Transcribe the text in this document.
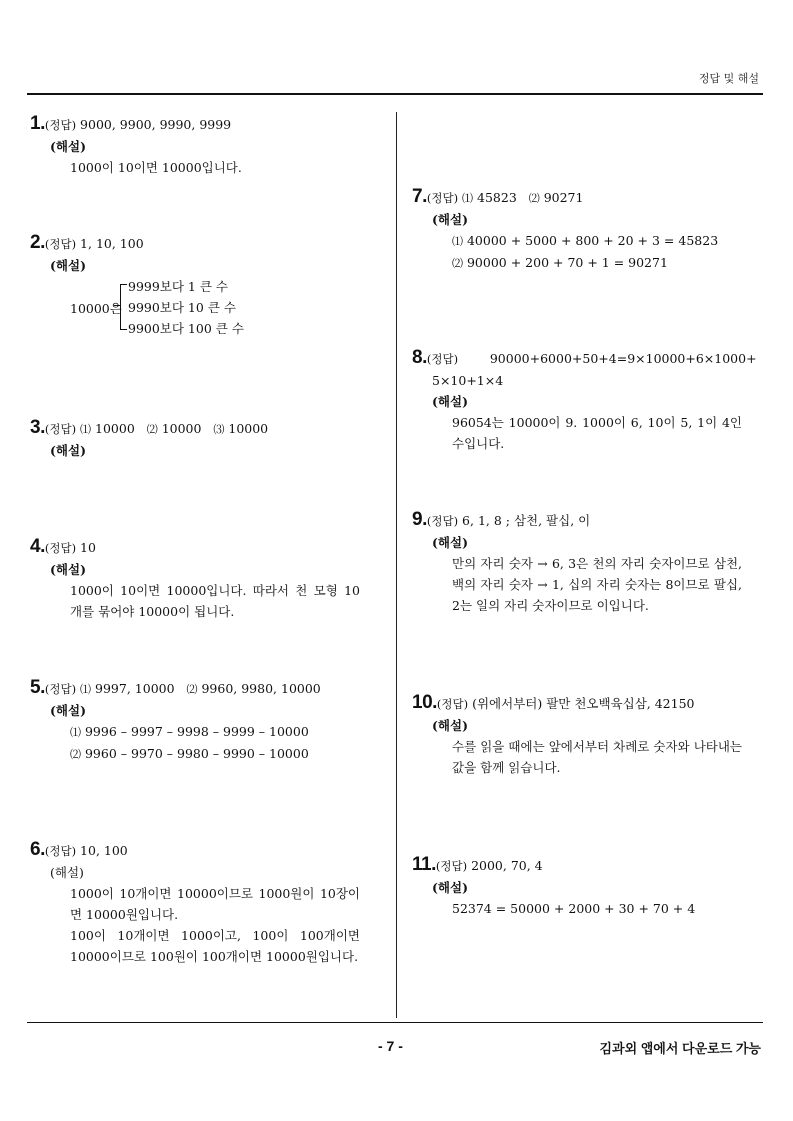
정답 및 해설
1.(정답) 9000, 9900, 9990, 9999
(해설)
1000이 10이면 10000입니다.
2.(정답) 1, 10, 100
(해설)
10000은
9999보다 1 큰 수
9990보다 10 큰 수
9900보다 100 큰 수
3.(정답) ⑴ 10000 ⑵ 10000 ⑶ 10000
(해설)
4.(정답) 10
(해설)
1000이 10이면 10000입니다. 따라서 천 모형 10 개를 묶어야 10000이 됩니다.
5.(정답) ⑴ 9997, 10000 ⑵ 9960, 9980, 10000
(해설)
⑴ 9996 – 9997 – 9998 – 9999 – 10000
⑵ 9960 – 9970 – 9980 – 9990 – 10000
6.(정답) 10, 100
(해설)
1000이 10개이면 10000이므로 1000원이 10장이면 10000원입니다.
100이 10개이면 1000이고, 100이 100개이면 10000이므로 100원이 100개이면 10000원입니다.
7.(정답) ⑴ 45823 ⑵ 90271
(해설)
⑴ 40000 + 5000 + 800 + 20 + 3 = 45823
⑵ 90000 + 200 + 70 + 1 = 90271
8.(정답)	90000+6000+50+4=9×10000+6×1000+
5×10+1×4
(해설)
96054는 10000이 9. 1000이 6, 10이 5, 1이 4인 수입니다.
9.(정답) 6, 1, 8 ; 삼천, 팔십, 이
(해설)
만의 자리 숫자 → 6, 3은 천의 자리 숫자이므로 삼천, 백의 자리 숫자 → 1, 십의 자리 숫자는 8이므로 팔십, 2는 일의 자리 숫자이므로 이입니다.
10.(정답) (위에서부터) 팔만 천오백육십삼, 42150
(해설)
수를 읽을 때에는 앞에서부터 차례로 숫자와 나타내는 값을 함께 읽습니다.
11.(정답) 2000, 70, 4
(해설)
52374 = 50000 + 2000 + 30 + 70 + 4
- 7 -	김과외 앱에서 다운로드 가능
